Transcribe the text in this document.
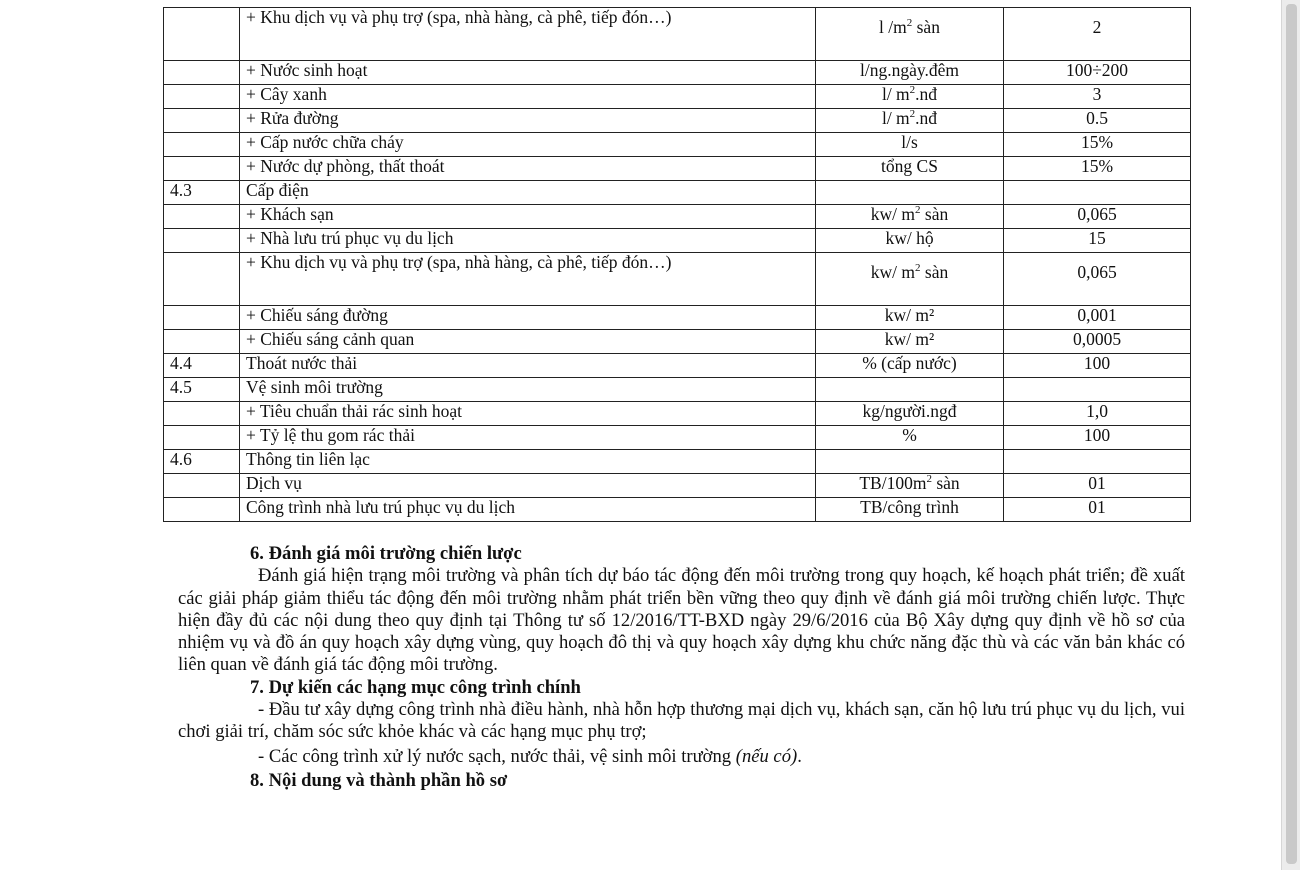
	+ Khu dịch vụ và phụ trợ (spa, nhà hàng, cà phê, tiếp đón…)	l $/m^2$ sàn	2
	+ Nước sinh hoạt	l/ng.ngày.đêm	100÷200
	+ Cây xanh	l/ $m^2.nđ$	3
	+ Rửa đường	l/ $m^2.nđ$	0.5
	+ Cấp nước chữa cháy	l/s	15%
	+ Nước dự phòng, thất thoát	tổng CS	15%
4.3	Cấp điện		
	+ Khách sạn	kw/ $m^2$ sàn	0,065
	+ Nhà lưu trú phục vụ du lịch	kw/ hộ	15
	+ Khu dịch vụ và phụ trợ (spa, nhà hàng, cà phê, tiếp đón…)	kw/ $m^2$ sàn	0,065
	+ Chiếu sáng đường	kw/ m²	0,001
	+ Chiếu sáng cảnh quan	kw/ m²	0,0005
4.4	Thoát nước thải	% (cấp nước)	100
4.5	Vệ sinh môi trường		
	+ Tiêu chuẩn thải rác sinh hoạt	kg/người.ngđ	1,0
	+ Tỷ lệ thu gom rác thải	%	100
4.6	Thông tin liên lạc		
	Dịch vụ	$TB/100m^2$ sàn	01
	Công trình nhà lưu trú phục vụ du lịch	TB/công trình	01
6. Đánh giá môi trường chiến lược

Đánh giá hiện trạng môi trường và phân tích dự báo tác động đến môi trường trong quy hoạch, kế hoạch phát triển; đề xuất các giải pháp giảm thiểu tác động đến môi trường nhằm phát triển bền vững theo quy định về đánh giá môi trường chiến lược. Thực hiện đầy đủ các nội dung theo quy định tại Thông tư số 12/2016/TT-BXD ngày 29/6/2016 của Bộ Xây dựng quy định về hồ sơ của nhiệm vụ và đồ án quy hoạch xây dựng vùng, quy hoạch đô thị và quy hoạch xây dựng khu chức năng đặc thù và các văn bản khác có liên quan về đánh giá tác động môi trường.

7. Dự kiến các hạng mục công trình chính

- Đầu tư xây dựng công trình nhà điều hành, nhà hỗn hợp thương mại dịch vụ, khách sạn, căn hộ lưu trú phục vụ du lịch, vui chơi giải trí, chăm sóc sức khỏe khác và các hạng mục phụ trợ;

- Các công trình xử lý nước sạch, nước thải, vệ sinh môi trường (nếu có).

8. Nội dung và thành phần hồ sơ
